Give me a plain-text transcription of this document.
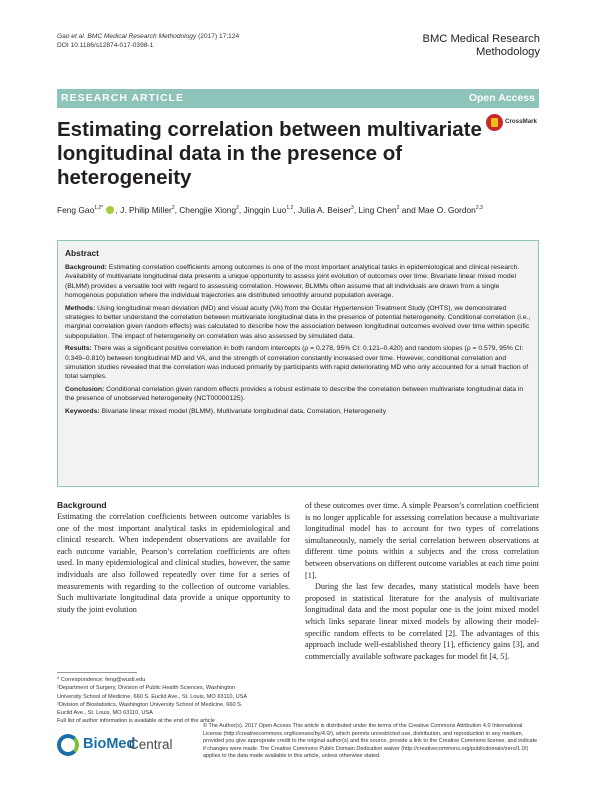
Gao et al. BMC Medical Research Methodology (2017) 17:124
DOI 10.1186/s12874-017-0398-1
BMC Medical Research
Methodology
RESEARCH ARTICLE	Open Access
Estimating correlation between multivariate longitudinal data in the presence of heterogeneity
CrossMark
Feng Gao$^{1,2*}$ , J. Philip Miller$^2$, Chengjie Xiong$^2$, Jingqin Luo$^{1,2}$, Julia A. Beiser$^3$, Ling Chen$^2$ and Mae O. Gordon$^{2,3}$
Abstract

Background: Estimating correlation coefficients among outcomes is one of the most important analytical tasks in epidemiological and clinical research. Availability of multivariate longitudinal data presents a unique opportunity to assess joint evolution of outcomes over time. Bivariate linear mixed model (BLMM) provides a versatile tool with regard to assessing correlation. However, BLMMs often assume that all individuals are drawn from a single homogenous population where the individual trajectories are distributed smoothly around population average.

Methods: Using longitudinal mean deviation (MD) and visual acuity (VA) from the Ocular Hypertension Treatment Study (OHTS), we demonstrated strategies to better understand the correlation between multivariate longitudinal data in the presence of potential heterogeneity. Conditional correlation (i.e., marginal correlation given random effects) was calculated to describe how the association between longitudinal outcomes evolved over time within specific subpopulation. The impact of heterogeneity on correlation was also assessed by simulated data.

Results: There was a significant positive correlation in both random intercepts (ρ = 0.278, 95% CI: 0.121–0.420) and random slopes (ρ = 0.579, 95% CI: 0.349–0.810) between longitudinal MD and VA, and the strength of correlation constantly increased over time. However, conditional correlation and simulation studies revealed that the correlation was induced primarily by participants with rapid deteriorating MD who only accounted for a small fraction of total samples.

Conclusion: Conditional correlation given random effects provides a robust estimate to describe the correlation between multivariate longitudinal data in the presence of unobserved heterogeneity (NCT00000125).

Keywords: Bivariate linear mixed model (BLMM), Multivariate longitudinal data, Correlation, Heterogeneity

Background

Estimating the correlation coefficients between outcome variables is one of the most important analytical tasks in epidemiological and clinical research. When independent observations are available for each outcome variable, Pearson’s correlation coefficients are often used. In many epidemiological and clinical studies, however, the same individuals are also followed repeatedly over time for a series of measurements with regarding to the collection of outcome variables. Such multivariate longitudinal data provide a unique opportunity to study the joint evolution

of these outcomes over time. A simple Pearson’s correlation coefficient is no longer applicable for assessing correlation because a multivariate longitudinal model has to account for two types of correlations simultaneously, namely the serial correlation between observations at different time points within a subjects and the cross correlation between observations on different outcome variables at each time point [1].

During the last few decades, many statistical models have been proposed in statistical literature for the analysis of multivariate longitudinal data and the most popular one is the joint mixed model which links separate linear mixed models by allowing their model-specific random effects to be correlated [2]. The advantages of this approach include well-established theory [1], efficiency gains [3], and commercially available software packages for model fit [4, 5].

* Correspondence: feng@wustl.edu
¹Department of Surgery, Division of Public Health Sciences, Washington
University School of Medicine, 660 S. Euclid Ave., St. Louis, MO 63110, USA
²Division of Biostatistics, Washington University School of Medicine, 660 S.
Euclid Ave., St. Louis, MO 63110, USA
Full list of author information is available at the end of the article
BioMed
Central
© The Author(s). 2017 Open Access This article is distributed under the terms of the Creative Commons Attribution 4.0 International License (http://creativecommons.org/licenses/by/4.0/), which permits unrestricted use, distribution, and reproduction in any medium, provided you give appropriate credit to the original author(s) and the source, provide a link to the Creative Commons license, and indicate if changes were made. The Creative Commons Public Domain Dedication waiver (http://creativecommons.org/publicdomain/zero/1.0/) applies to the data made available in this article, unless otherwise stated.
